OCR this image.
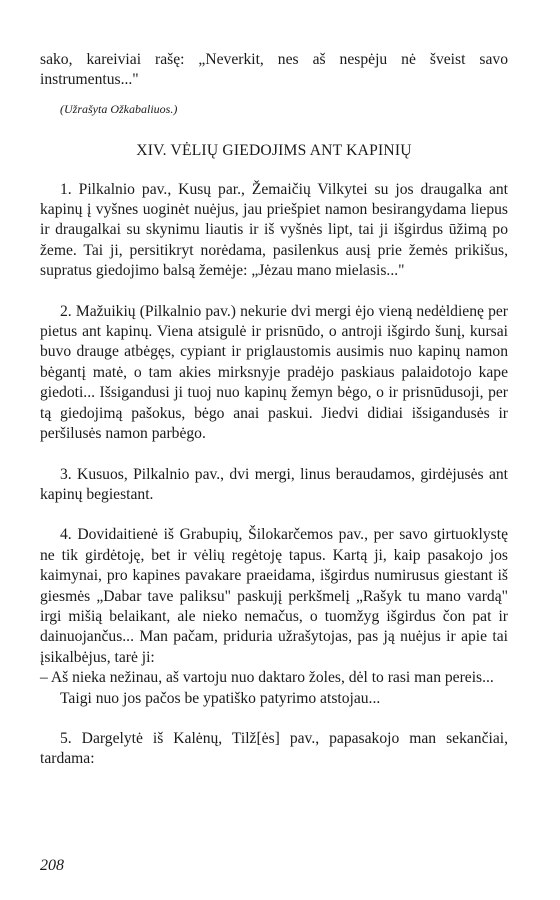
sako, kareiviai rašę: „Neverkit, nes aš nespėju nė šveist savo instrumentus..."

(Užrašyta Ožkabaliuos.)

XIV. VĖLIŲ GIEDOJIMS ANT KAPINIŲ

1. Pilkalnio pav., Kusų par., Žemaičių Vilkytei su jos draugalka ant kapinų į vyšnes uoginėt nuėjus, jau priešpiet namon besirangydama liepus ir draugalkai su skynimu liautis ir iš vyšnės lipt, tai ji išgirdus ūžimą po žeme. Tai ji, persitikryt norėdama, pasilenkus ausį prie žemės prikišus, supratus giedojimo balsą žemėje: „Jėzau mano mielasis..."

2. Mažuikių (Pilkalnio pav.) nekurie dvi mergi ėjo vieną nedėldienę per pietus ant kapinų. Viena atsigulė ir prisnūdo, o antroji išgirdo šunį, kursai buvo drauge atbėgęs, cypiant ir priglaustomis ausimis nuo kapinų namon bėgantį matė, o tam akies mirksnyje pradėjo paskiaus palaidotojo kape giedoti... Išsigandusi ji tuoj nuo kapinų žemyn bėgo, o ir prisnūdusoji, per tą giedojimą pašokus, bėgo anai paskui. Jiedvi didiai išsigandusės ir peršilusės namon parbėgo.

3. Kusuos, Pilkalnio pav., dvi mergi, linus beraudamos, girdėjusės ant kapinų begiestant.

4. Dovidaitienė iš Grabupių, Šilokarčemos pav., per savo girtuoklystę ne tik girdėtoję, bet ir vėlių regėtoję tapus. Kartą ji, kaip pasakojo jos kaimynai, pro kapines pavakare praeidama, išgirdus numirusus giestant iš giesmės „Dabar tave paliksu" paskujį perkšmelį „Rašyk tu mano vardą" irgi mišią belaikant, ale nieko nemačus, o tuomžyg išgirdus čon pat ir dainuojančus... Man pačam, priduria užrašytojas, pas ją nuėjus ir apie tai įsikalbėjus, tarė ji:

– Aš nieka nežinau, aš vartoju nuo daktaro žoles, dėl to rasi man pereis...

Taigi nuo jos pačos be ypatiško patyrimo atstojau...

5. Dargelytė iš Kalėnų, Tilž[ės] pav., papasakojo man sekančiai, tardama:

208
